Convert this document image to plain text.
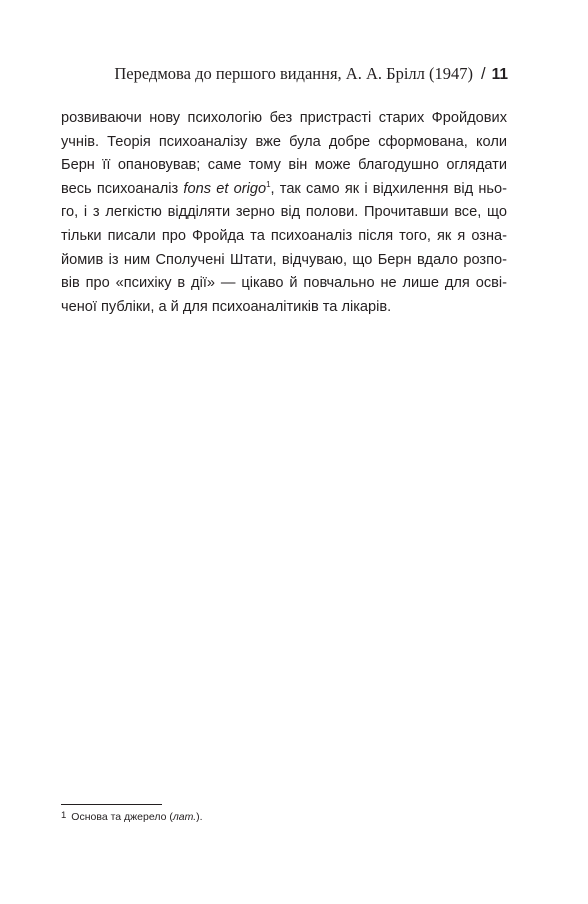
Передмова до першого видання, А. А. Брілл (1947) / 11
розвиваючи нову психологію без пристрасті старих Фройдових
учнів. Теорія психоаналізу вже була добре сформована, коли
Берн її опановував; саме тому він може благодушно оглядати
весь психоаналіз fons et origo$^1$, так само як і відхилення від ньо-
го, і з легкістю відділяти зерно від полови. Прочитавши все, що
тільки писали про Фройда та психоаналіз після того, як я озна-
йомив із ним Сполучені Штати, відчуваю, що Берн вдало розпо-
вів про «психіку в дії» — цікаво й повчально не лише для осві-
ченої публіки, а й для психоаналітиків та лікарів.
1 Основа та джерело (лат.).
